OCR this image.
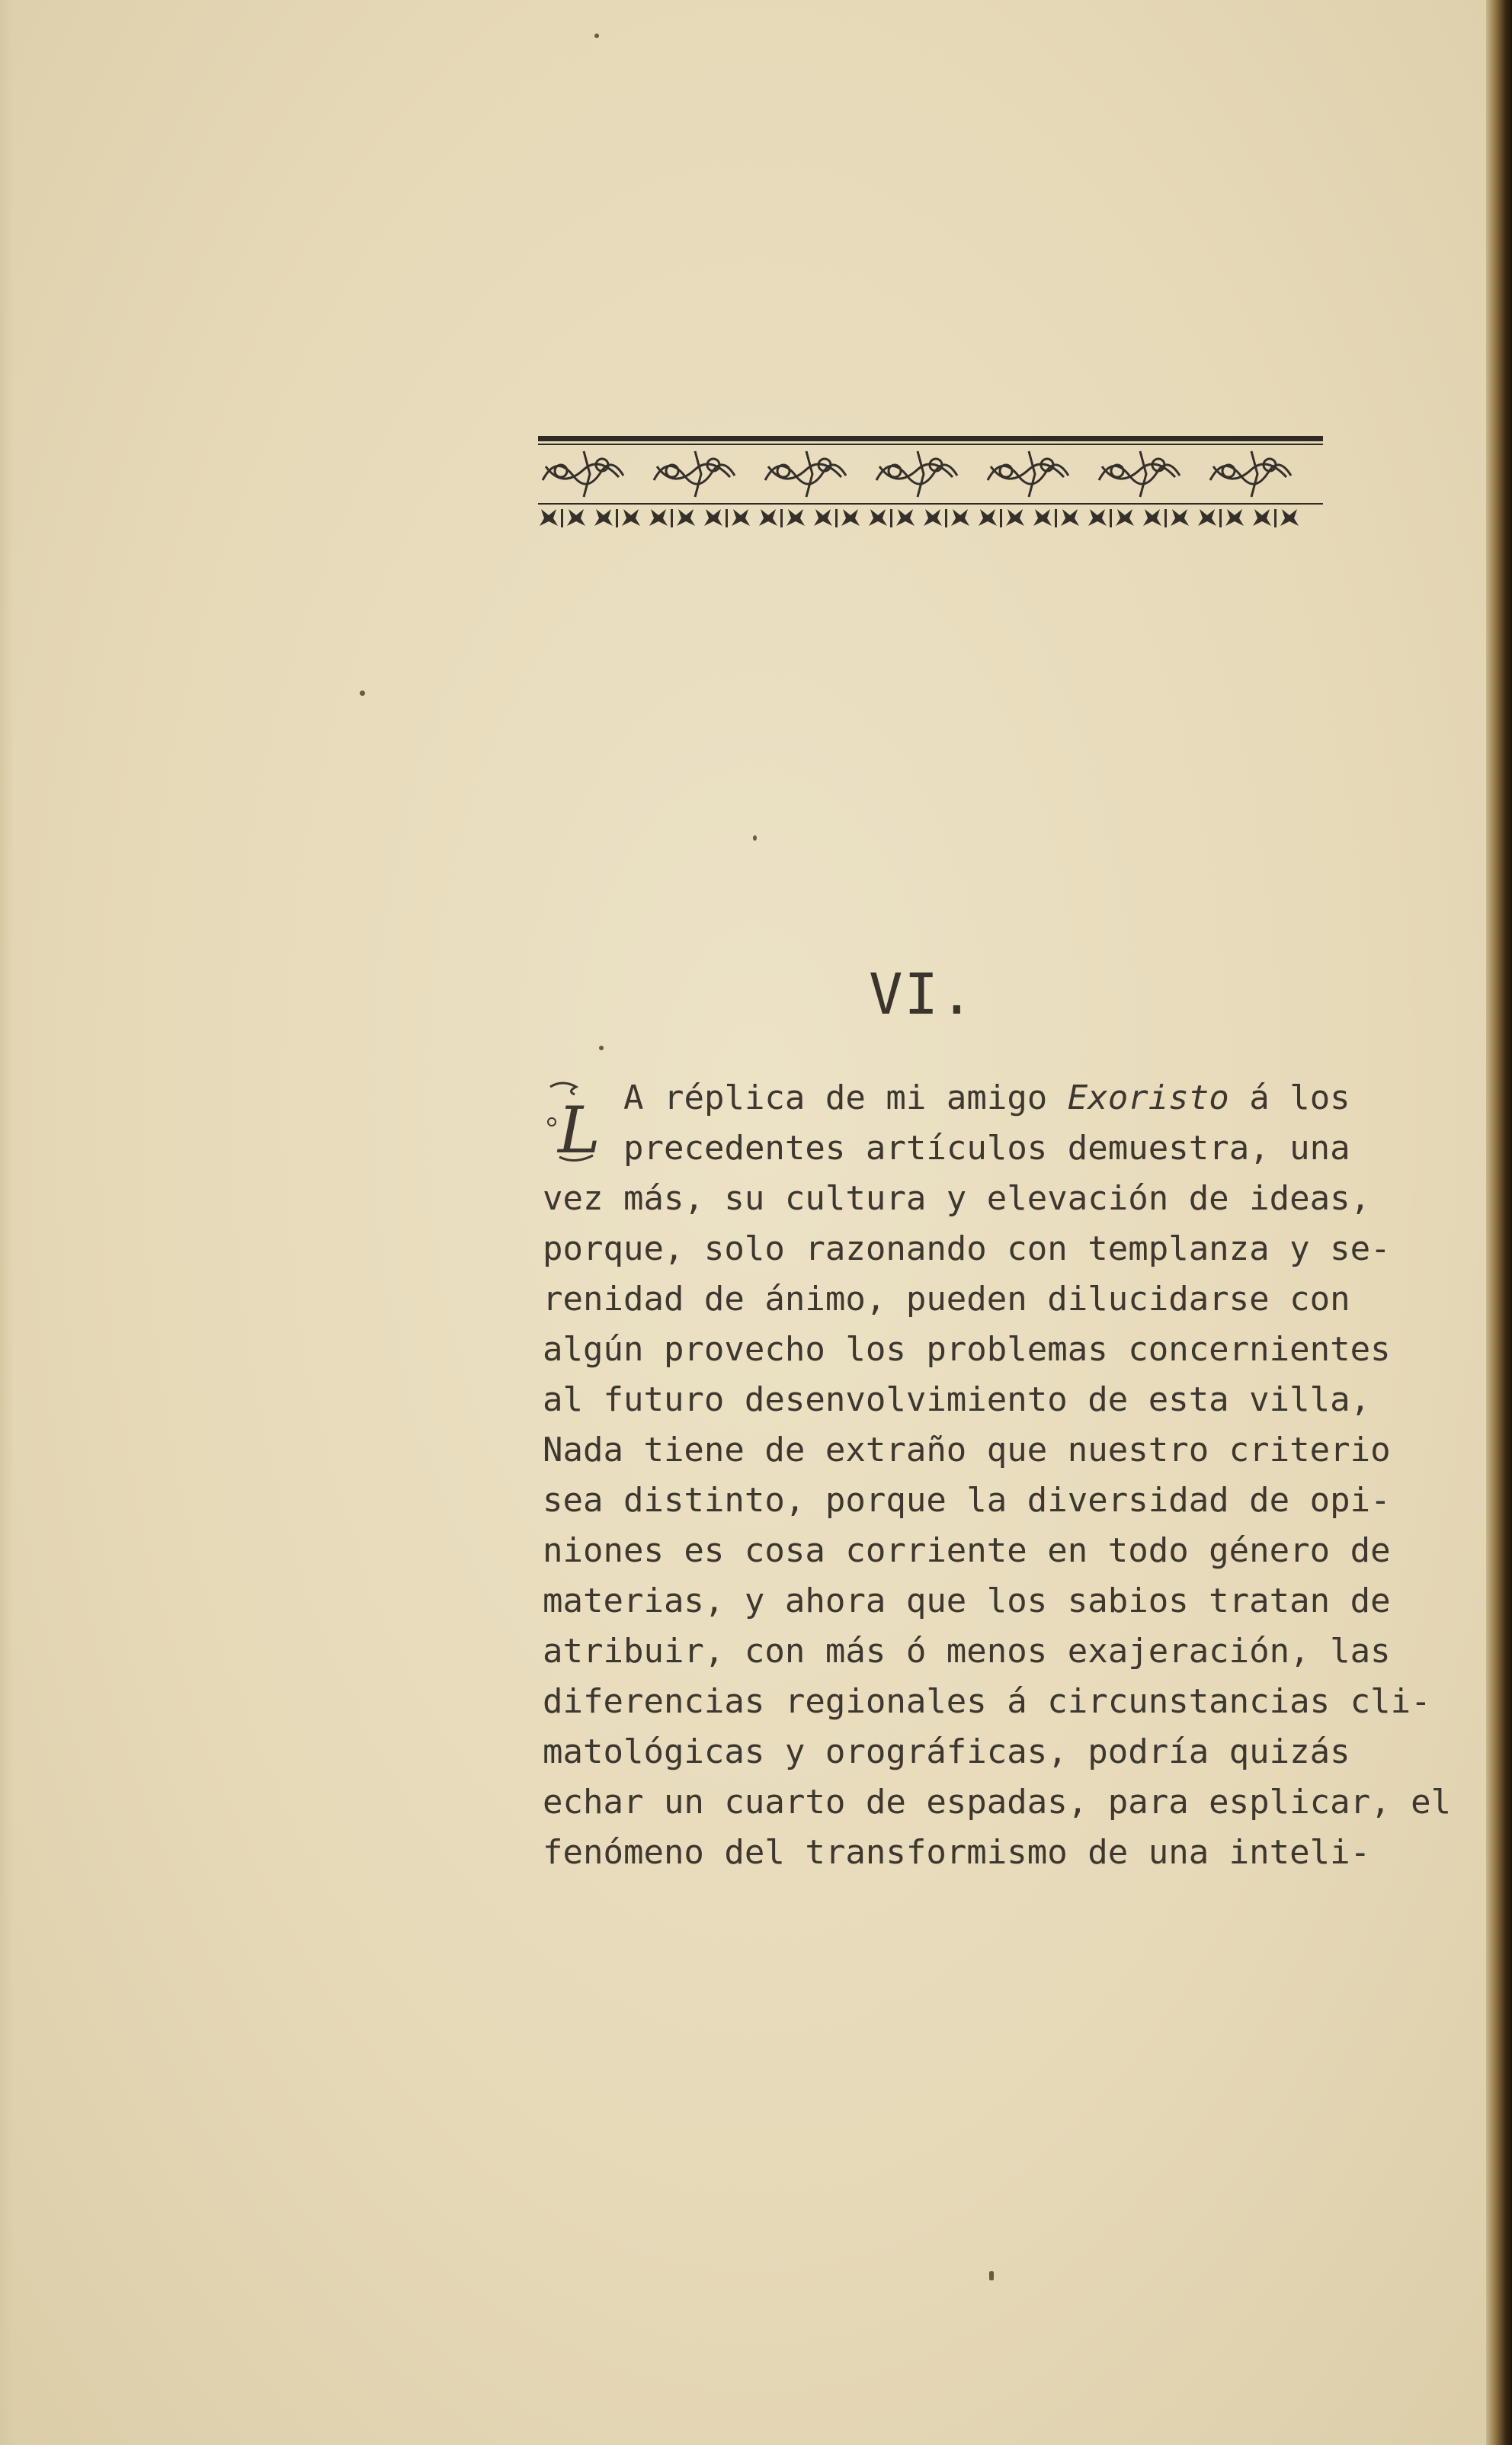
VI.
L A réplica de mi amigo Exoristo á los
precedentes artículos demuestra, una
vez más, su cultura y elevación de ideas,
porque, solo razonando con templanza y se-
renidad de ánimo, pueden dilucidarse con
algún provecho los problemas concernientes
al futuro desenvolvimiento de esta villa,
Nada tiene de extraño que nuestro criterio
sea distinto, porque la diversidad de opi-
niones es cosa corriente en todo género de
materias, y ahora que los sabios tratan de
atribuir, con más ó menos exajeración, las
diferencias regionales á circunstancias cli-
matológicas y orográficas, podría quizás
echar un cuarto de espadas, para esplicar, el
fenómeno del transformismo de una inteli-
